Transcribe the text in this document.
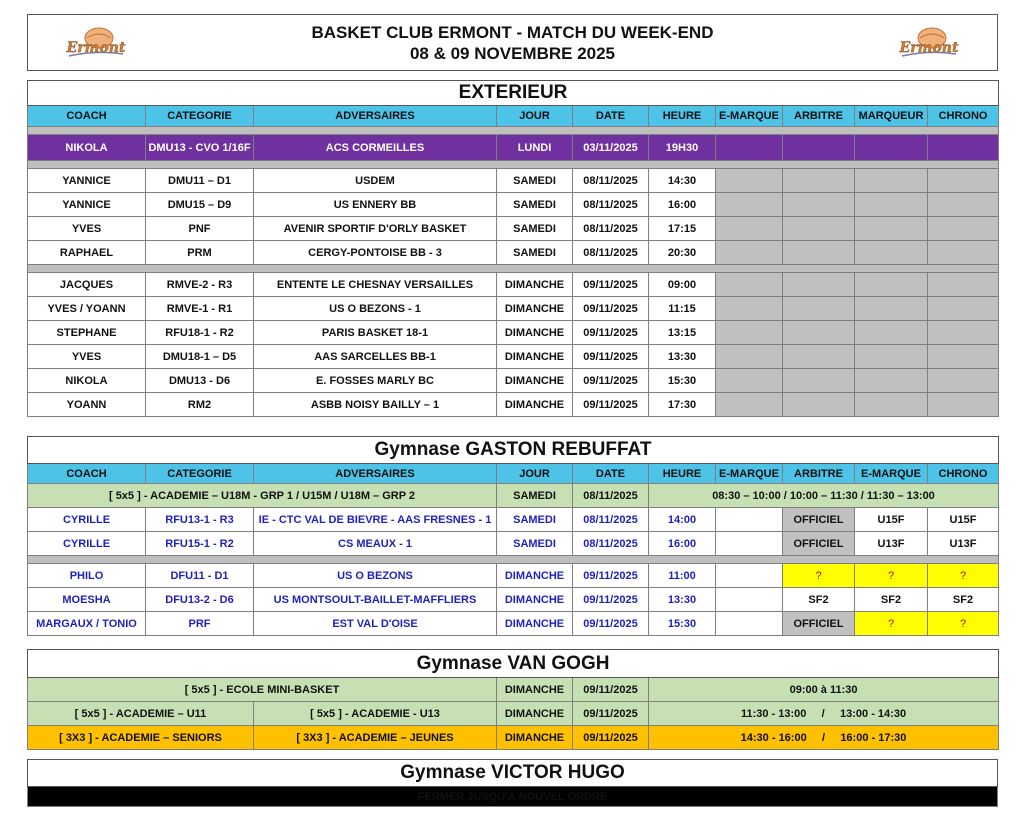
Ermont
BASKET CLUB ERMONT - MATCH DU WEEK-END
08 & 09 NOVEMBRE 2025	Ermont
EXTERIEUR									
COACH	CATEGORIE	ADVERSAIRES	JOUR	DATE	HEURE	E-MARQUE	ARBITRE	MARQUEUR	CHRONO

NIKOLA	DMU13 - CVO 1/16F	ACS CORMEILLES	LUNDI	03/11/2025	19H30				

YANNICE	DMU11 – D1	USDEM	SAMEDI	08/11/2025	14:30				
YANNICE	DMU15 – D9	US ENNERY BB	SAMEDI	08/11/2025	16:00				
YVES	PNF	AVENIR SPORTIF D'ORLY BASKET	SAMEDI	08/11/2025	17:15				
RAPHAEL	PRM	CERGY-PONTOISE BB - 3	SAMEDI	08/11/2025	20:30				

JACQUES	RMVE-2 - R3	ENTENTE LE CHESNAY VERSAILLES	DIMANCHE	09/11/2025	09:00				
YVES / YOANN	RMVE-1 - R1	US O BEZONS - 1	DIMANCHE	09/11/2025	11:15				
STEPHANE	RFU18-1 - R2	PARIS BASKET 18-1	DIMANCHE	09/11/2025	13:15				
YVES	DMU18-1 – D5	AAS SARCELLES BB-1	DIMANCHE	09/11/2025	13:30				
NIKOLA	DMU13 - D6	E. FOSSES MARLY BC	DIMANCHE	09/11/2025	15:30				
YOANN	RM2	ASBB NOISY BAILLY – 1	DIMANCHE	09/11/2025	17:30				
Gymnase GASTON REBUFFAT									
COACH	CATEGORIE	ADVERSAIRES	JOUR	DATE	HEURE	E-MARQUE	ARBITRE	E-MARQUE	CHRONO
[ 5x5 ] - ACADEMIE – U18M - GRP 1 / U15M / U18M – GRP 2			SAMEDI	08/11/2025	08:30 – 10:00 / 10:00 – 11:30 / 11:30 – 13:00				
CYRILLE	RFU13-1 - R3	IE - CTC VAL DE BIEVRE - AAS FRESNES - 1	SAMEDI	08/11/2025	14:00		OFFICIEL	U15F	U15F
CYRILLE	RFU15-1 - R2	CS MEAUX - 1	SAMEDI	08/11/2025	16:00		OFFICIEL	U13F	U13F

PHILO	DFU11 - D1	US O BEZONS	DIMANCHE	09/11/2025	11:00		?	?	?
MOESHA	DFU13-2 - D6	US MONTSOULT-BAILLET-MAFFLIERS	DIMANCHE	09/11/2025	13:30		SF2	SF2	SF2
MARGAUX / TONIO	PRF	EST VAL D'OISE	DIMANCHE	09/11/2025	15:30		OFFICIEL	?	?
Gymnase VAN GOGH				
[ 5x5 ] - ECOLE MINI-BASKET		DIMANCHE	09/11/2025	09:00 à 11:30
[ 5x5 ] - ACADEMIE – U11	[ 5x5 ] - ACADEMIE - U13	DIMANCHE	09/11/2025	11:30 - 13:00     /     13:00 - 14:30
[ 3X3 ] - ACADEMIE – SENIORS	[ 3X3 ] - ACADEMIE – JEUNES	DIMANCHE	09/11/2025	14:30 - 16:00     /     16:00 - 17:30
Gymnase VICTOR HUGO
FERMER JUSQU'À NOUVEL ORDRE
